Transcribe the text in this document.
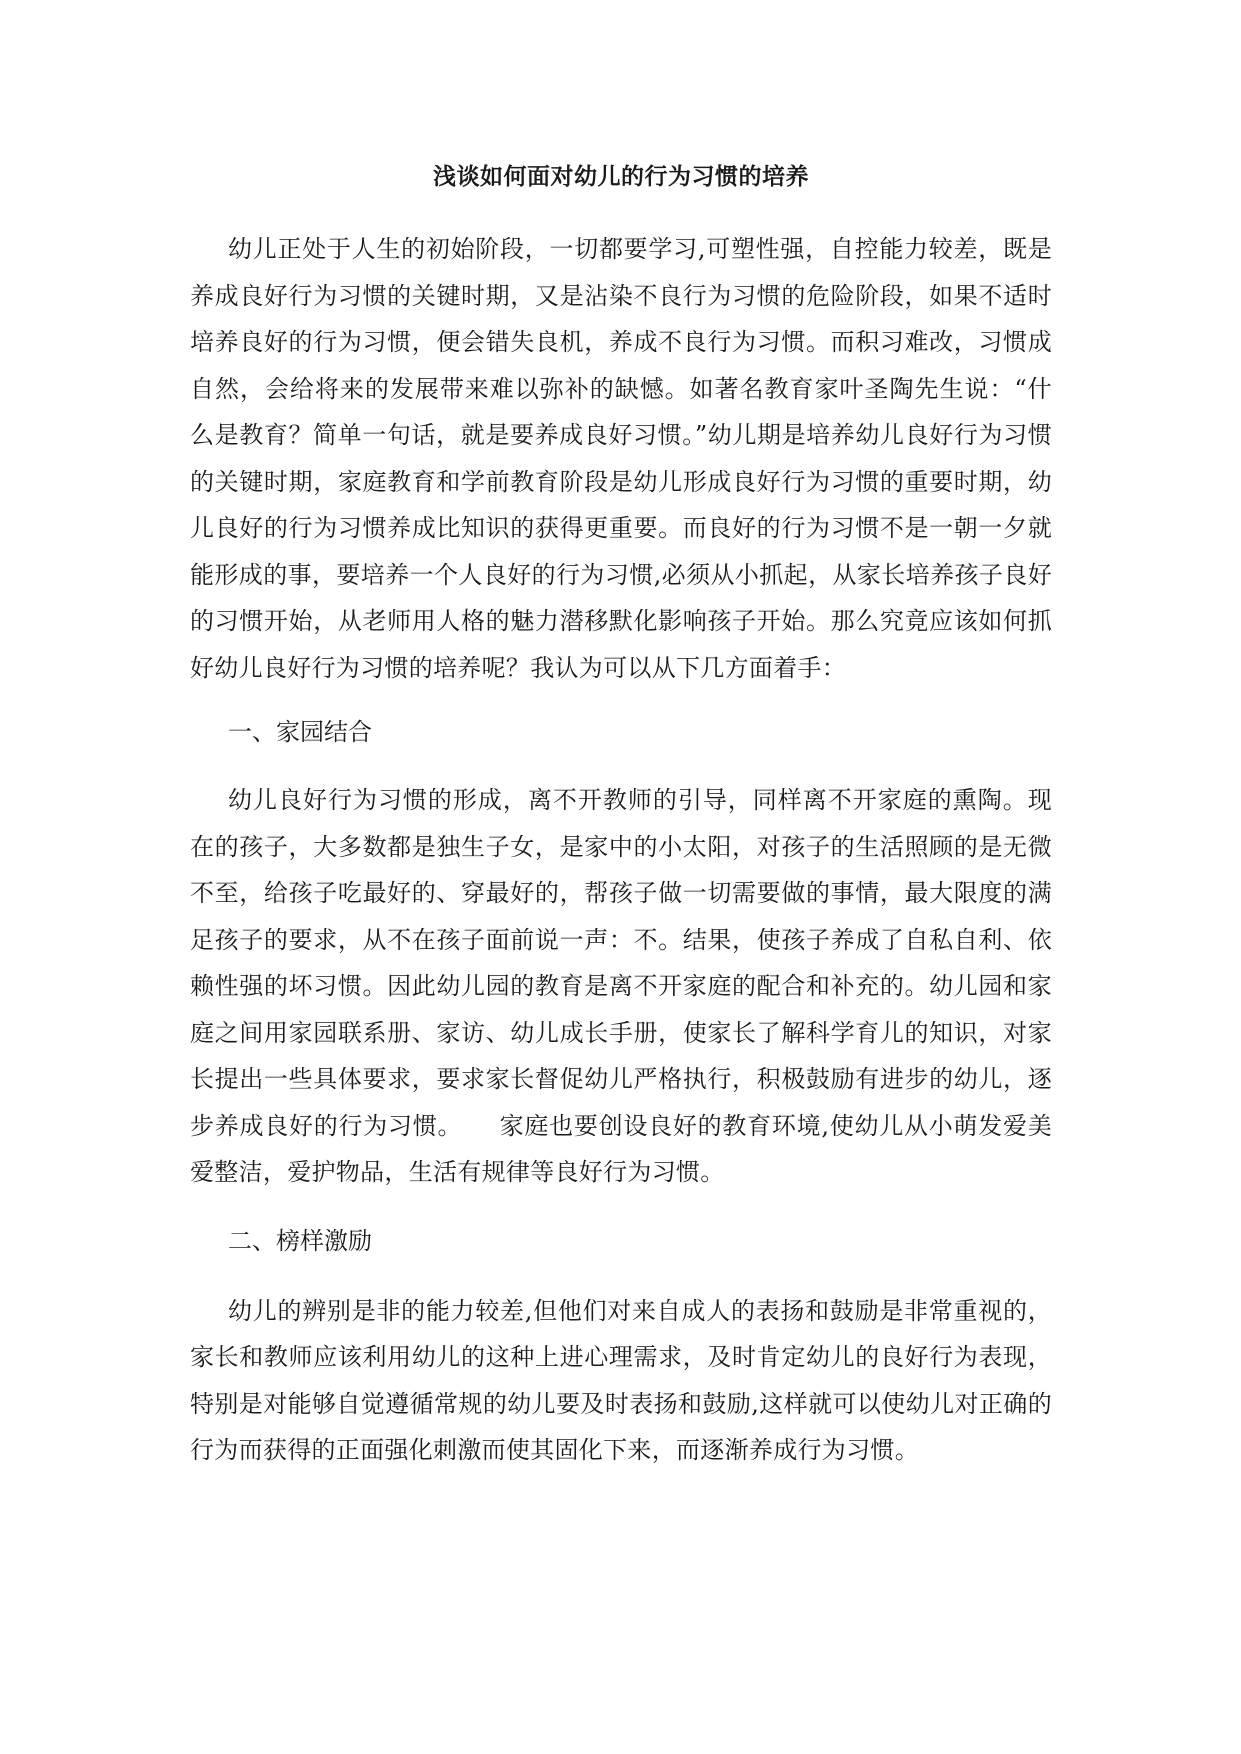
浅谈如何面对幼儿的行为习惯的培养

幼儿正处于人生的初始阶段，一切都要学习,可塑性强，自控能力较差，既是养成良好行为习惯的关键时期，又是沾染不良行为习惯的危险阶段，如果不适时培养良好的行为习惯，便会错失良机，养成不良行为习惯。而积习难改，习惯成自然，会给将来的发展带来难以弥补的缺憾。如著名教育家叶圣陶先生说：“什么是教育？简单一句话，就是要养成良好习惯。”幼儿期是培养幼儿良好行为习惯的关键时期，家庭教育和学前教育阶段是幼儿形成良好行为习惯的重要时期，幼儿良好的行为习惯养成比知识的获得更重要。而良好的行为习惯不是一朝一夕就能形成的事，要培养一个人良好的行为习惯,必须从小抓起，从家长培养孩子良好的习惯开始，从老师用人格的魅力潜移默化影响孩子开始。那么究竟应该如何抓好幼儿良好行为习惯的培养呢？我认为可以从下几方面着手：

一、家园结合

幼儿良好行为习惯的形成，离不开教师的引导，同样离不开家庭的熏陶。现在的孩子，大多数都是独生子女，是家中的小太阳，对孩子的生活照顾的是无微不至，给孩子吃最好的、穿最好的，帮孩子做一切需要做的事情，最大限度的满足孩子的要求，从不在孩子面前说一声：不。结果，使孩子养成了自私自利、依赖性强的坏习惯。因此幼儿园的教育是离不开家庭的配合和补充的。幼儿园和家庭之间用家园联系册、家访、幼儿成长手册，使家长了解科学育儿的知识，对家长提出一些具体要求，要求家长督促幼儿严格执行，积极鼓励有进步的幼儿，逐步养成良好的行为习惯。　　家庭也要创设良好的教育环境,使幼儿从小萌发爱美爱整洁，爱护物品，生活有规律等良好行为习惯。

二、榜样激励

幼儿的辨别是非的能力较差,但他们对来自成人的表扬和鼓励是非常重视的，家长和教师应该利用幼儿的这种上进心理需求，及时肯定幼儿的良好行为表现，特别是对能够自觉遵循常规的幼儿要及时表扬和鼓励,这样就可以使幼儿对正确的行为而获得的正面强化刺激而使其固化下来，而逐渐养成行为习惯。
